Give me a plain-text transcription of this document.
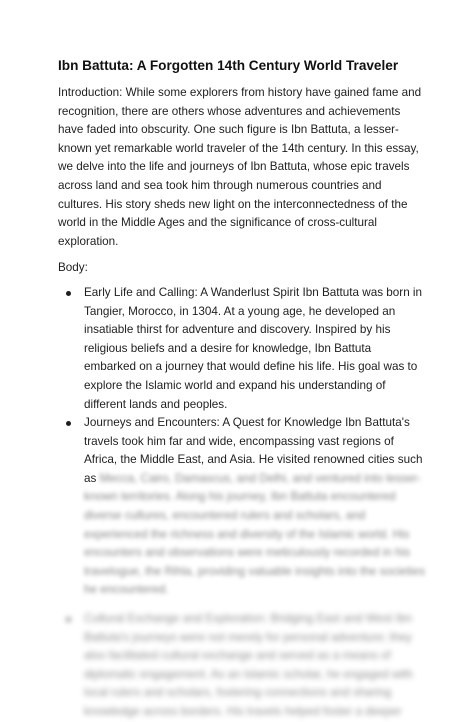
Ibn Battuta: A Forgotten 14th Century World Traveler

Introduction: While some explorers from history have gained fame and recognition, there are others whose adventures and achievements have faded into obscurity. One such figure is Ibn Battuta, a lesser-known yet remarkable world traveler of the 14th century. In this essay, we delve into the life and journeys of Ibn Battuta, whose epic travels across land and sea took him through numerous countries and cultures. His story sheds new light on the interconnectedness of the world in the Middle Ages and the significance of cross-cultural exploration.

Body:

Early Life and Calling: A Wanderlust Spirit Ibn Battuta was born in Tangier, Morocco, in 1304. At a young age, he developed an insatiable thirst for adventure and discovery. Inspired by his religious beliefs and a desire for knowledge, Ibn Battuta embarked on a journey that would define his life. His goal was to explore the Islamic world and expand his understanding of different lands and peoples.
Journeys and Encounters: A Quest for Knowledge Ibn Battuta's travels took him far and wide, encompassing vast regions of Africa, the Middle East, and Asia. He visited renowned cities such as Mecca, Cairo, Damascus, and Delhi, and ventured into lesser-known territories. Along his journey, Ibn Battuta encountered diverse cultures, encountered rulers and scholars, and experienced the richness and diversity of the Islamic world. His encounters and observations were meticulously recorded in his travelogue, the Rihla, providing valuable insights into the societies he encountered.
Cultural Exchange and Exploration: Bridging East and West Ibn Battuta's journeys were not merely for personal adventure; they also facilitated cultural exchange and served as a means of diplomatic engagement. As an Islamic scholar, he engaged with local rulers and scholars, fostering connections and sharing knowledge across borders. His travels helped foster a deeper
